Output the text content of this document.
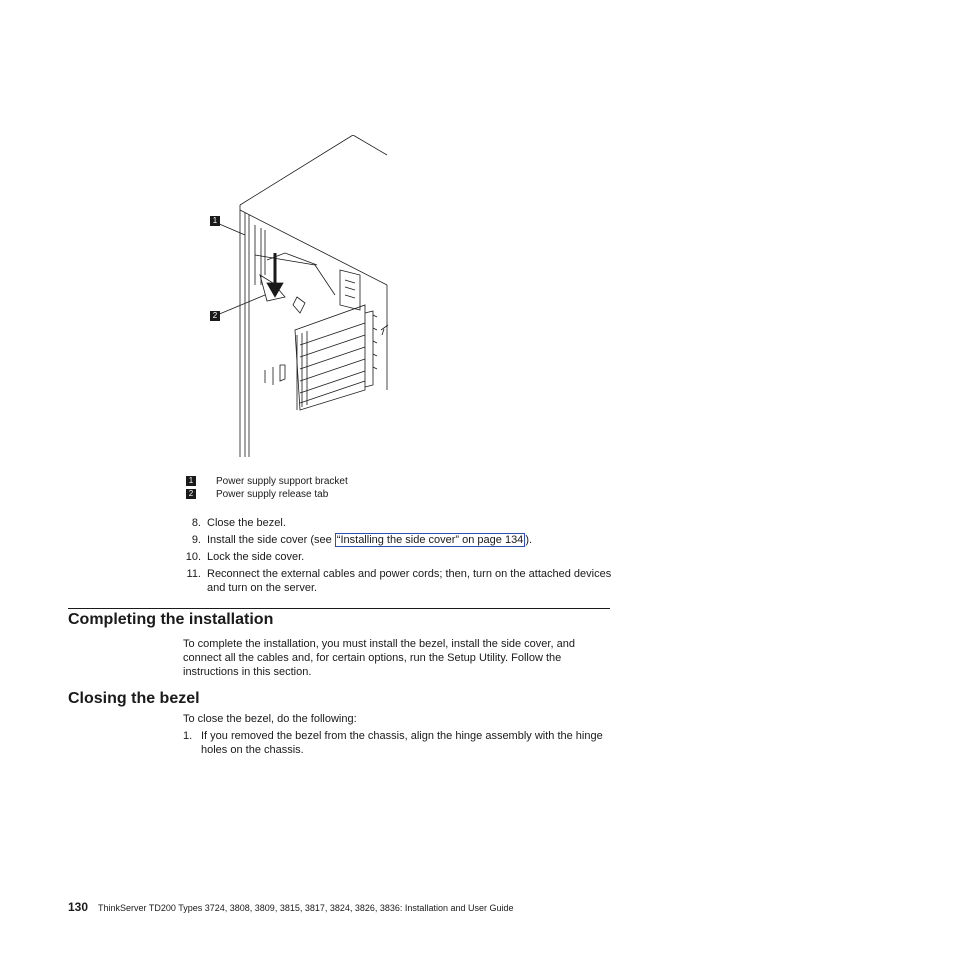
1
2
1 Power supply support bracket
2 Power supply release tab
8. Close the bezel.
9. Install the side cover (see “Installing the side cover” on page 134 ).
10. Lock the side cover.
11. Reconnect the external cables and power cords; then, turn on the attached devices and turn on the server.
Completing the installation
To complete the installation, you must install the bezel, install the side cover, and connect all the cables and, for certain options, run the Setup Utility. Follow the instructions in this section.
Closing the bezel
To close the bezel, do the following:
1. If you removed the bezel from the chassis, align the hinge assembly with the hinge holes on the chassis.
130 ThinkServer TD200 Types 3724, 3808, 3809, 3815, 3817, 3824, 3826, 3836: Installation and User Guide
